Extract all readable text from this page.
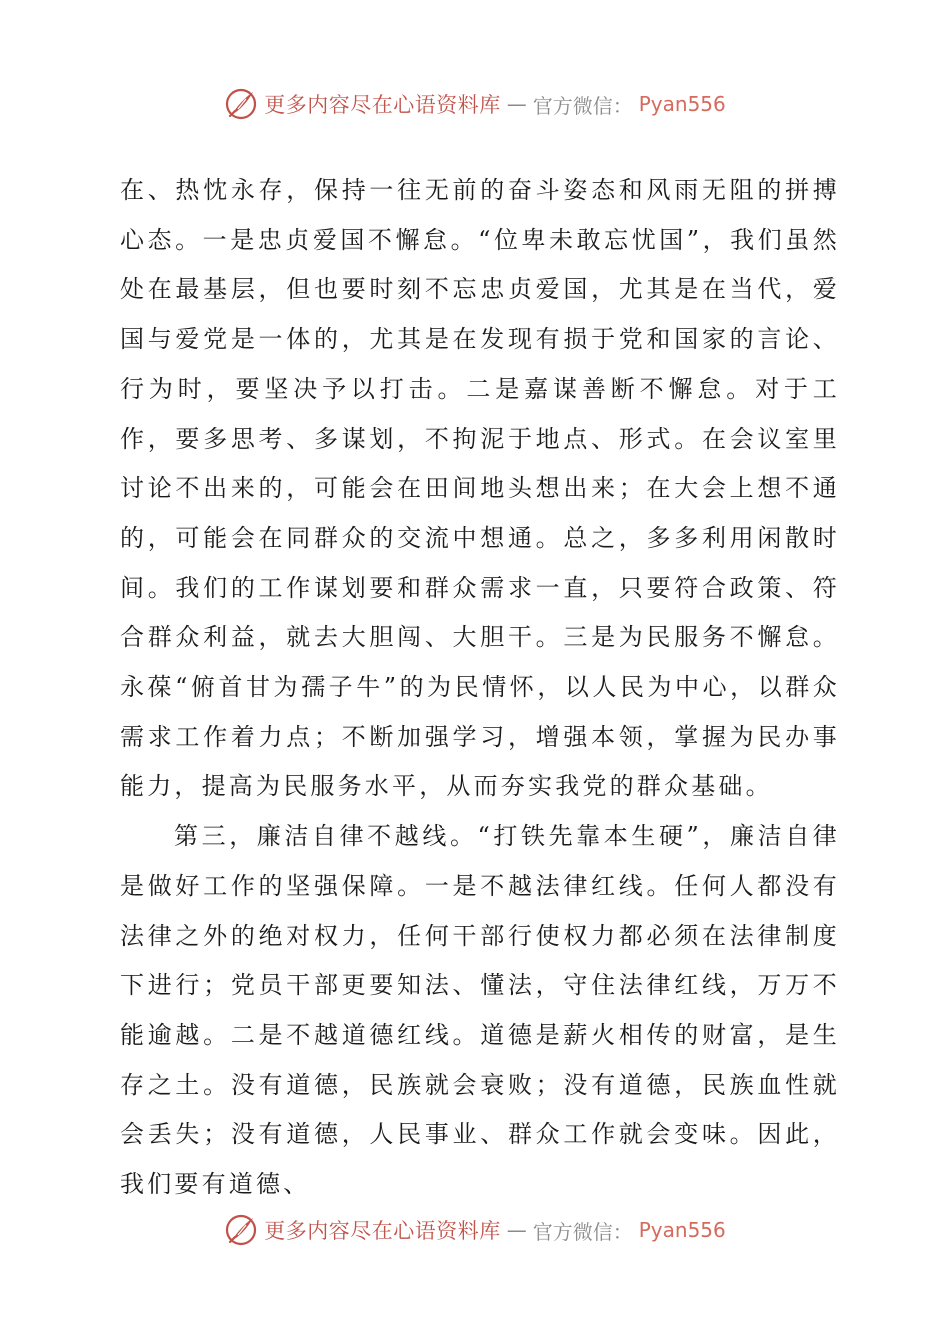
更多内容尽在心语资料库 — 官方微信： Pyan556

在、热忱永存，保持一往无前的奋斗姿态和风雨无阻的拼搏心态。一是忠贞爱国不懈怠。“位卑未敢忘忧国”，我们虽然处在最基层，但也要时刻不忘忠贞爱国，尤其是在当代，爱国与爱党是一体的，尤其是在发现有损于党和国家的言论、行为时，要坚决予以打击。二是嘉谋善断不懈怠。对于工作，要多思考、多谋划，不拘泥于地点、形式。在会议室里讨论不出来的，可能会在田间地头想出来；在大会上想不通的，可能会在同群众的交流中想通。总之，多多利用闲散时间。我们的工作谋划要和群众需求一直，只要符合政策、符合群众利益，就去大胆闯、大胆干。三是为民服务不懈怠。永葆“俯首甘为孺子牛”的为民情怀，以人民为中心，以群众需求工作着力点；不断加强学习，增强本领，掌握为民办事能力，提高为民服务水平，从而夯实我党的群众基础。

第三，廉洁自律不越线。“打铁先靠本生硬”，廉洁自律是做好工作的坚强保障。一是不越法律红线。任何人都没有法律之外的绝对权力，任何干部行使权力都必须在法律制度下进行；党员干部更要知法、懂法，守住法律红线，万万不能逾越。二是不越道德红线。道德是薪火相传的财富，是生存之土。没有道德，民族就会衰败；没有道德，民族血性就会丢失；没有道德，人民事业、群众工作就会变味。因此，我们要有道德、

更多内容尽在心语资料库 — 官方微信： Pyan556
